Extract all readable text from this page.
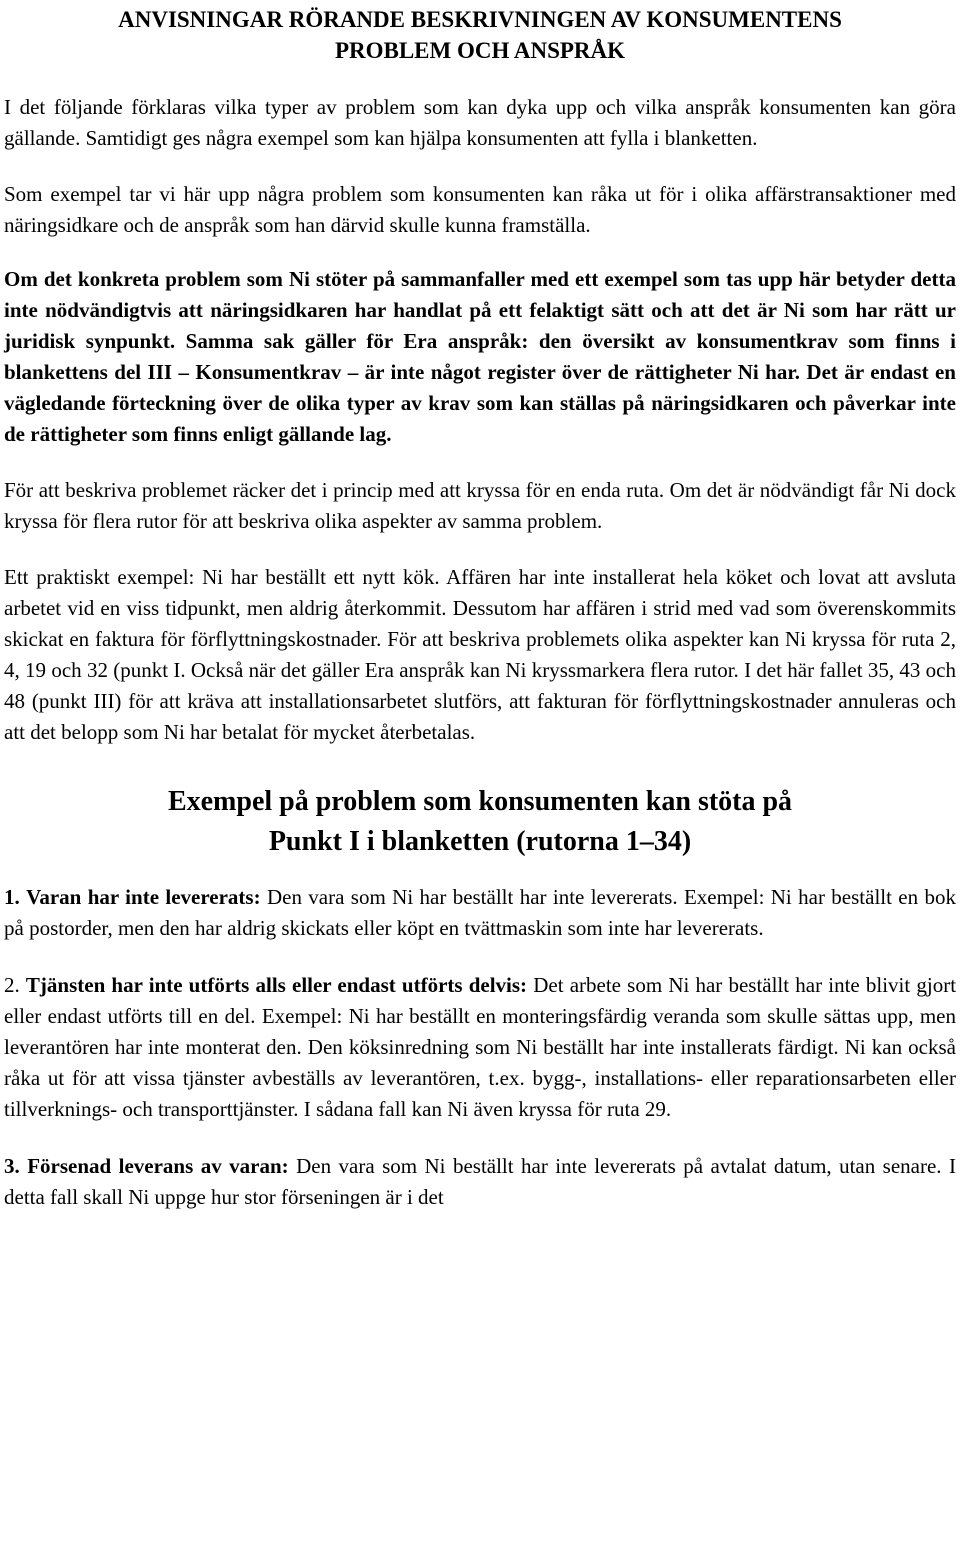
ANVISNINGAR RÖRANDE BESKRIVNINGEN AV KONSUMENTENS
PROBLEM OCH ANSPRÅK

I det följande förklaras vilka typer av problem som kan dyka upp och vilka anspråk konsumenten kan göra gällande. Samtidigt ges några exempel som kan hjälpa konsumenten att fylla i blanketten.

Som exempel tar vi här upp några problem som konsumenten kan råka ut för i olika affärstransaktioner med näringsidkare och de anspråk som han därvid skulle kunna framställa.

Om det konkreta problem som Ni stöter på sammanfaller med ett exempel som tas upp här betyder detta inte nödvändigtvis att näringsidkaren har handlat på ett felaktigt sätt och att det är Ni som har rätt ur juridisk synpunkt. Samma sak gäller för Era anspråk: den översikt av konsumentkrav som finns i blankettens del III – Konsumentkrav – är inte något register över de rättigheter Ni har. Det är endast en vägledande förteckning över de olika typer av krav som kan ställas på näringsidkaren och påverkar inte de rättigheter som finns enligt gällande lag.

För att beskriva problemet räcker det i princip med att kryssa för en enda ruta. Om det är nödvändigt får Ni dock kryssa för flera rutor för att beskriva olika aspekter av samma problem.

Ett praktiskt exempel: Ni har beställt ett nytt kök. Affären har inte installerat hela köket och lovat att avsluta arbetet vid en viss tidpunkt, men aldrig återkommit. Dessutom har affären i strid med vad som överenskommits skickat en faktura för förflyttningskostnader. För att beskriva problemets olika aspekter kan Ni kryssa för ruta 2, 4, 19 och 32 (punkt I. Också när det gäller Era anspråk kan Ni kryssmarkera flera rutor. I det här fallet 35, 43 och 48 (punkt III) för att kräva att installationsarbetet slutförs, att fakturan för förflyttningskostnader annuleras och att det belopp som Ni har betalat för mycket återbetalas.

Exempel på problem som konsumenten kan stöta på
Punkt I i blanketten (rutorna 1–34)

1. Varan har inte levererats: Den vara som Ni har beställt har inte levererats. Exempel: Ni har beställt en bok på postorder, men den har aldrig skickats eller köpt en tvättmaskin som inte har levererats.

2. Tjänsten har inte utförts alls eller endast utförts delvis: Det arbete som Ni har beställt har inte blivit gjort eller endast utförts till en del. Exempel: Ni har beställt en monteringsfärdig veranda som skulle sättas upp, men leverantören har inte monterat den. Den köksinredning som Ni beställt har inte installerats färdigt. Ni kan också råka ut för att vissa tjänster avbeställs av leverantören, t.ex. bygg-, installations- eller reparationsarbeten eller tillverknings- och transporttjänster. I sådana fall kan Ni även kryssa för ruta 29.

3. Försenad leverans av varan: Den vara som Ni beställt har inte levererats på avtalat datum, utan senare. I detta fall skall Ni uppge hur stor förseningen är i det
